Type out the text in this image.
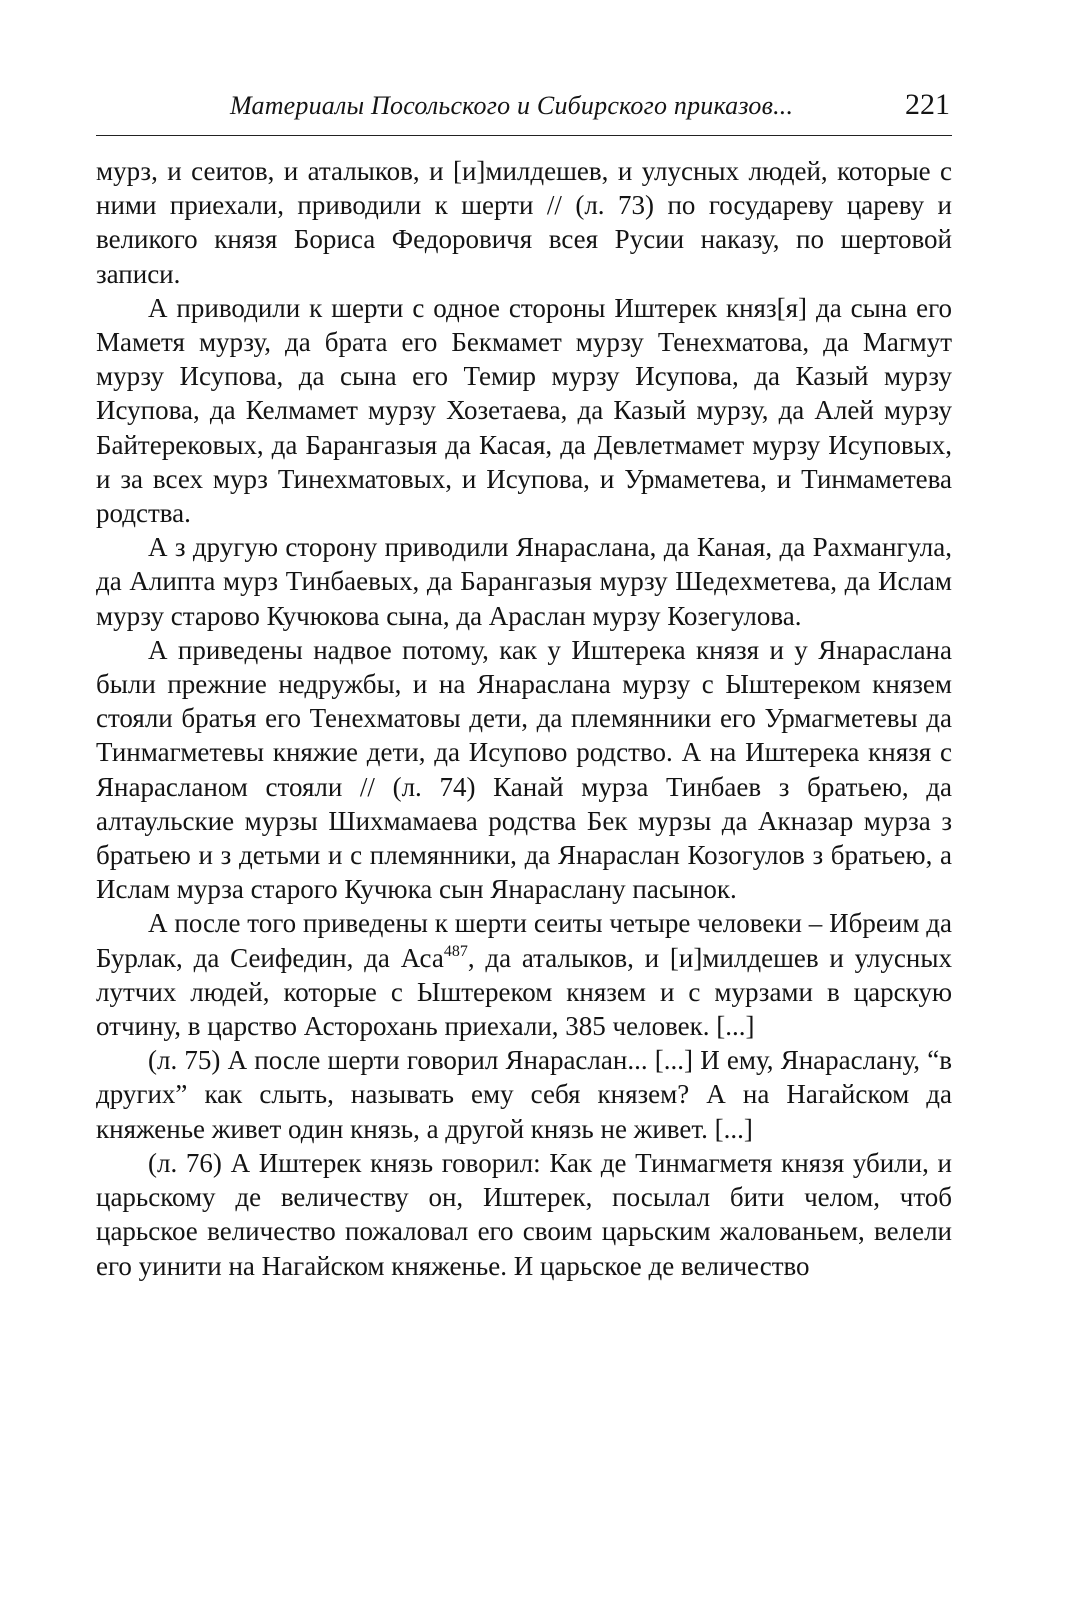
Материалы Посольского и Сибирского приказов...	221

мурз, и сеитов, и аталыков, и [и]милдешев, и улусных людей, которые с ними приехали, приводили к шерти // (л. 73) по государеву цареву и великого князя Бориса Федоровичя всея Русии наказу, по шертовой записи.

А приводили к шерти с одное стороны Иштерек княз[я] да сына его Маметя мурзу, да брата его Бекмамет мурзу Тенехматова, да Магмут мурзу Исупова, да сына его Темир мурзу Исупова, да Казый мурзу Исупова, да Келмамет мурзу Хозетаева, да Казый мурзу, да Алей мурзу Байтерековых, да Барангазыя да Касая, да Девлетмамет мурзу Исуповых, и за всех мурз Тинехматовых, и Исупова, и Урмаметева, и Тинмаметева родства.

А з другую сторону приводили Янараслана, да Каная, да Рахмангула, да Алипта мурз Тинбаевых, да Барангазыя мурзу Шедехметева, да Ислам мурзу старово Кучюкова сына, да Араслан мурзу Козегулова.

А приведены надвое потому, как у Иштерека князя и у Янараслана были прежние недружбы, и на Янараслана мурзу с Ыштереком князем стояли братья его Тенехматовы дети, да племянники его Урмагметевы да Тинмагметевы княжие дети, да Исупово родство. А на Иштерека князя с Янарасланом стояли // (л. 74) Канай мурза Тинбаев з братьею, да алтаульские мурзы Шихмамаева родства Бек мурзы да Акназар мурза з братьею и з детьми и с племянники, да Янараслан Козогулов з братьею, а Ислам мурза старого Кучюка сын Янараслану пасынок.

А после того приведены к шерти сеиты четыре человеки – Ибреим да Бурлак, да Сеифедин, да Аса$^{487}$, да аталыков, и [и]милдешев и улусных лутчих людей, которые с Ыштереком князем и с мурзами в царскую отчину, в царство Асторохань приехали, 385 человек. [...]

(л. 75) А после шерти говорил Янараслан... [...] И ему, Янараслану, “в других” как слыть, называть ему себя князем? А на Нагайском да княженье живет один князь, а другой князь не живет. [...]

(л. 76) А Иштерек князь говорил: Как де Тинмагметя князя убили, и царьскому де величеству он, Иштерек, посылал бити челом, чтоб царьское величество пожаловал его своим царьским жалованьем, велели его уинити на Нагайском княженье. И царьское де величество
